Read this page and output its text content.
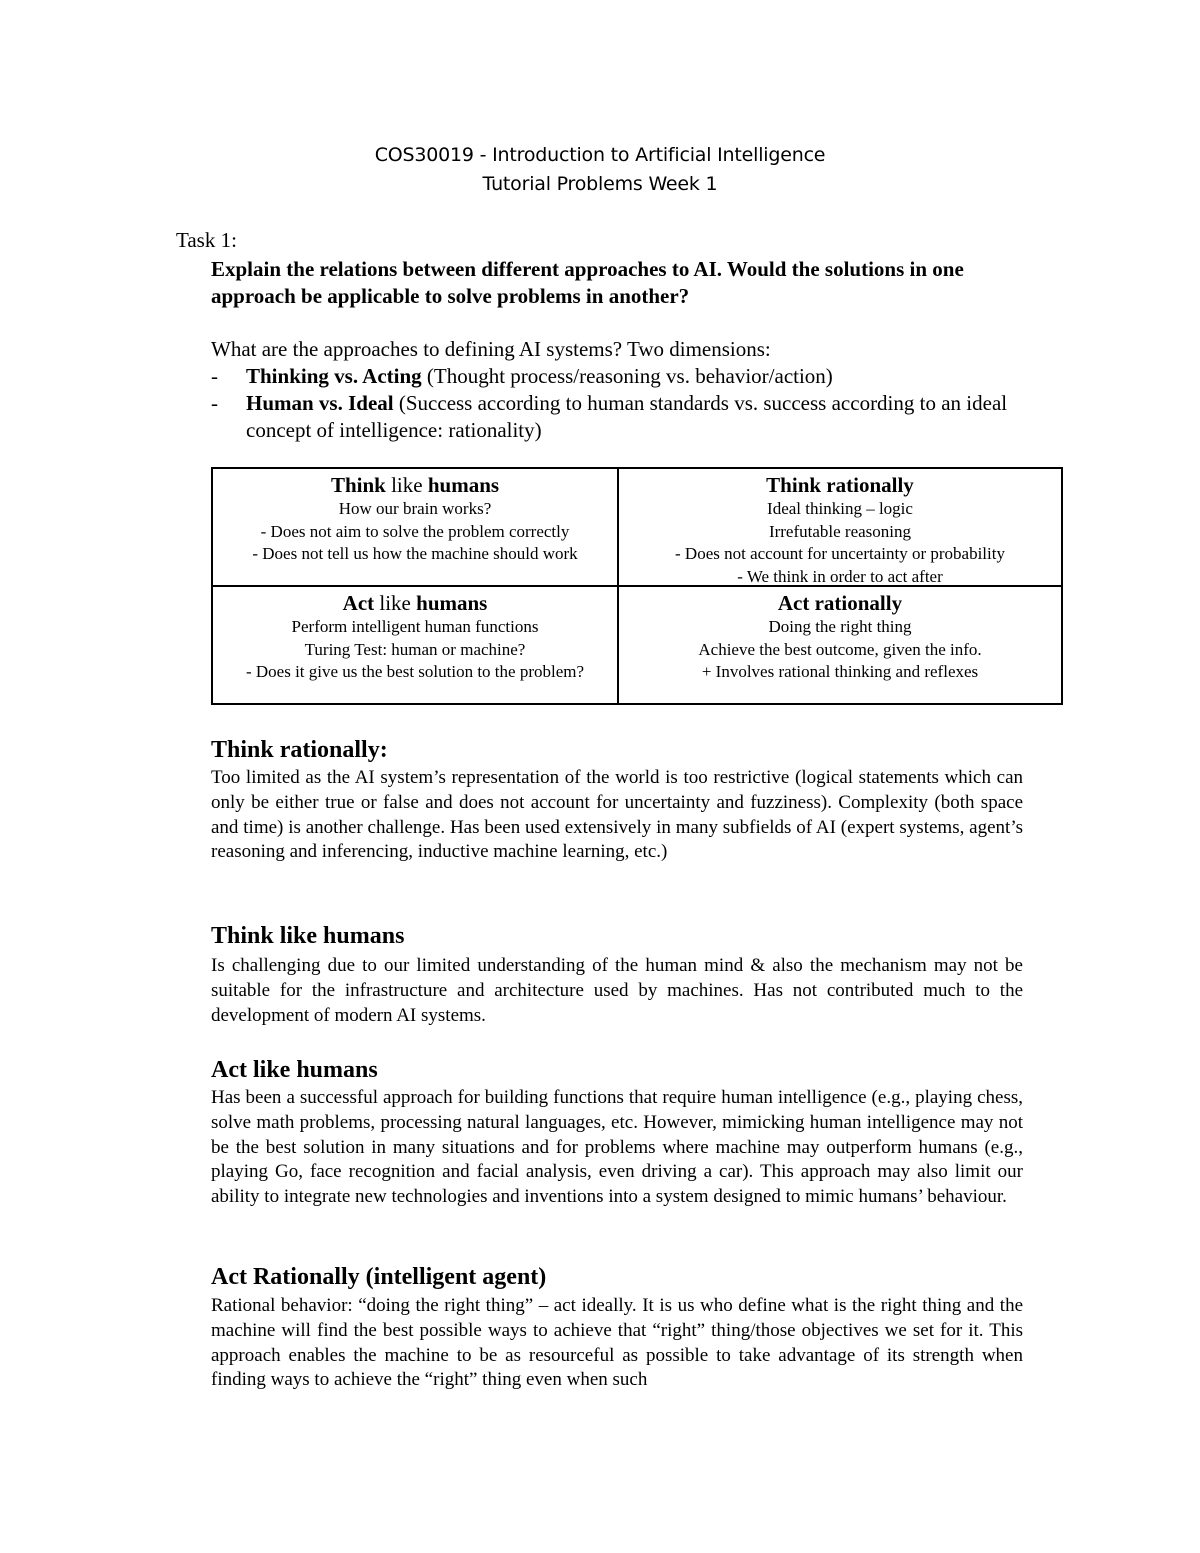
COS30019 - Introduction to Artificial Intelligence
Tutorial Problems Week 1
Task 1:
Explain the relations between different approaches to AI. Would the solutions in one approach be applicable to solve problems in another?
What are the approaches to defining AI systems? Two dimensions:
- Thinking vs. Acting (Thought process/reasoning vs. behavior/action)
- Human vs. Ideal (Success according to human standards vs. success according to an ideal concept of intelligence: rationality)
Think like humans
How our brain works?
- Does not aim to solve the problem correctly
- Does not tell us how the machine should work
Think rationally
Ideal thinking – logic
Irrefutable reasoning
- Does not account for uncertainty or probability
- We think in order to act after
Act like humans
Perform intelligent human functions
Turing Test: human or machine?
- Does it give us the best solution to the problem?
Act rationally
Doing the right thing
Achieve the best outcome, given the info.
+ Involves rational thinking and reflexes
Think rationally:
Too limited as the AI system’s representation of the world is too restrictive (logical statements which can only be either true or false and does not account for uncertainty and fuzziness). Complexity (both space and time) is another challenge. Has been used extensively in many subfields of AI (expert systems, agent’s reasoning and inferencing, inductive machine learning, etc.)
Think like humans
Is challenging due to our limited understanding of the human mind & also the mechanism may not be suitable for the infrastructure and architecture used by machines. Has not contributed much to the development of modern AI systems.
Act like humans
Has been a successful approach for building functions that require human intelligence (e.g., playing chess, solve math problems, processing natural languages, etc. However, mimicking human intelligence may not be the best solution in many situations and for problems where machine may outperform humans (e.g., playing Go, face recognition and facial analysis, even driving a car). This approach may also limit our ability to integrate new technologies and inventions into a system designed to mimic humans’ behaviour.
Act Rationally (intelligent agent)
Rational behavior: “doing the right thing” – act ideally. It is us who define what is the right thing and the machine will find the best possible ways to achieve that “right” thing/those objectives we set for it. This approach enables the machine to be as resourceful as possible to take advantage of its strength when finding ways to achieve the “right” thing even when such
